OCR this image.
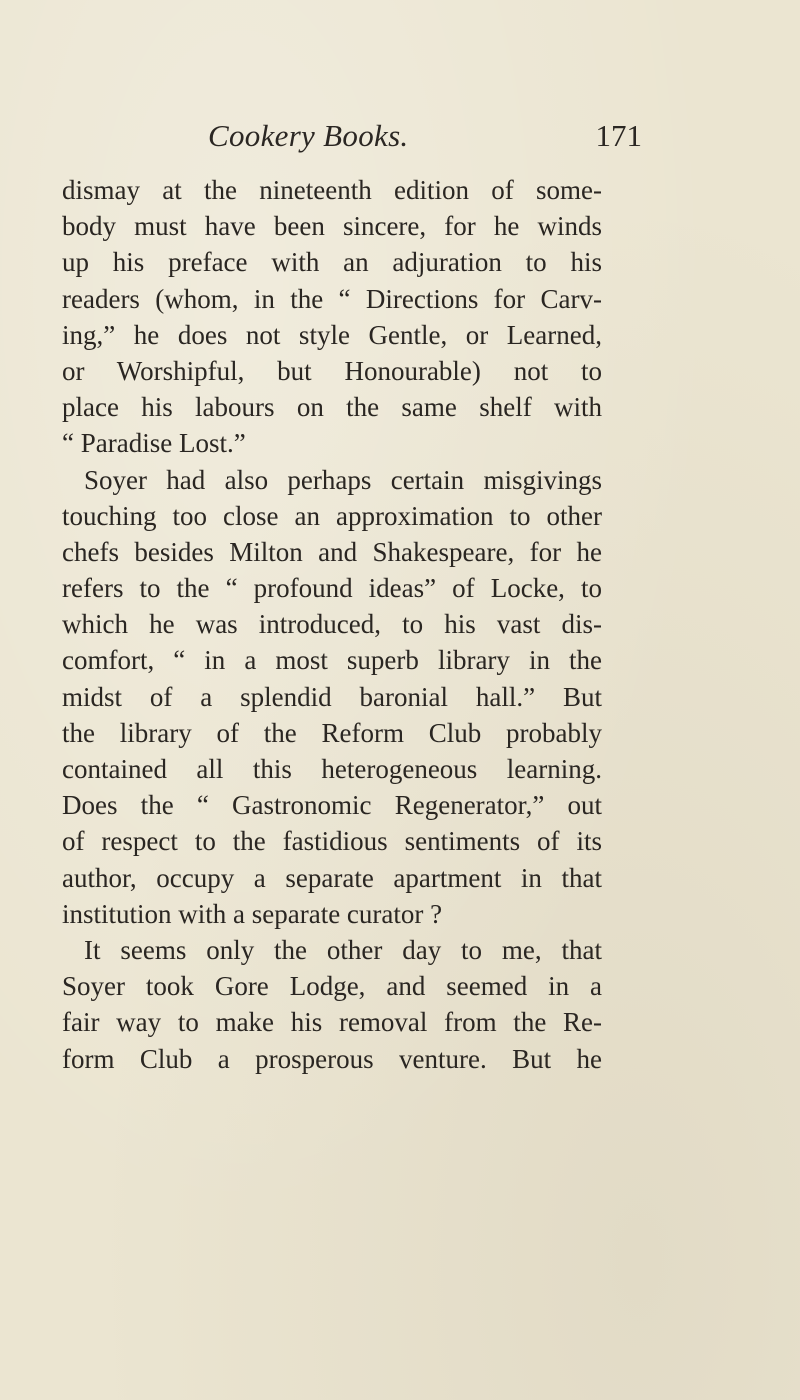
Cookery Books.	171
dismay at the nineteenth edition of some-
body must have been sincere, for he winds
up his preface with an adjuration to his
readers (whom, in the “ Directions for Carv-
ing,” he does not style Gentle, or Learned,
or Worshipful, but Honourable) not to
place his labours on the same shelf with
“ Paradise Lost.”
Soyer had also perhaps certain misgivings
touching too close an approximation to other
chefs besides Milton and Shakespeare, for he
refers to the “ profound ideas” of Locke, to
which he was introduced, to his vast dis-
comfort, “ in a most superb library in the
midst of a splendid baronial hall.” But
the library of the Reform Club probably
contained all this heterogeneous learning.
Does the “ Gastronomic Regenerator,” out
of respect to the fastidious sentiments of its
author, occupy a separate apartment in that
institution with a separate curator ?
It seems only the other day to me, that
Soyer took Gore Lodge, and seemed in a
fair way to make his removal from the Re-
form Club a prosperous venture. But he
